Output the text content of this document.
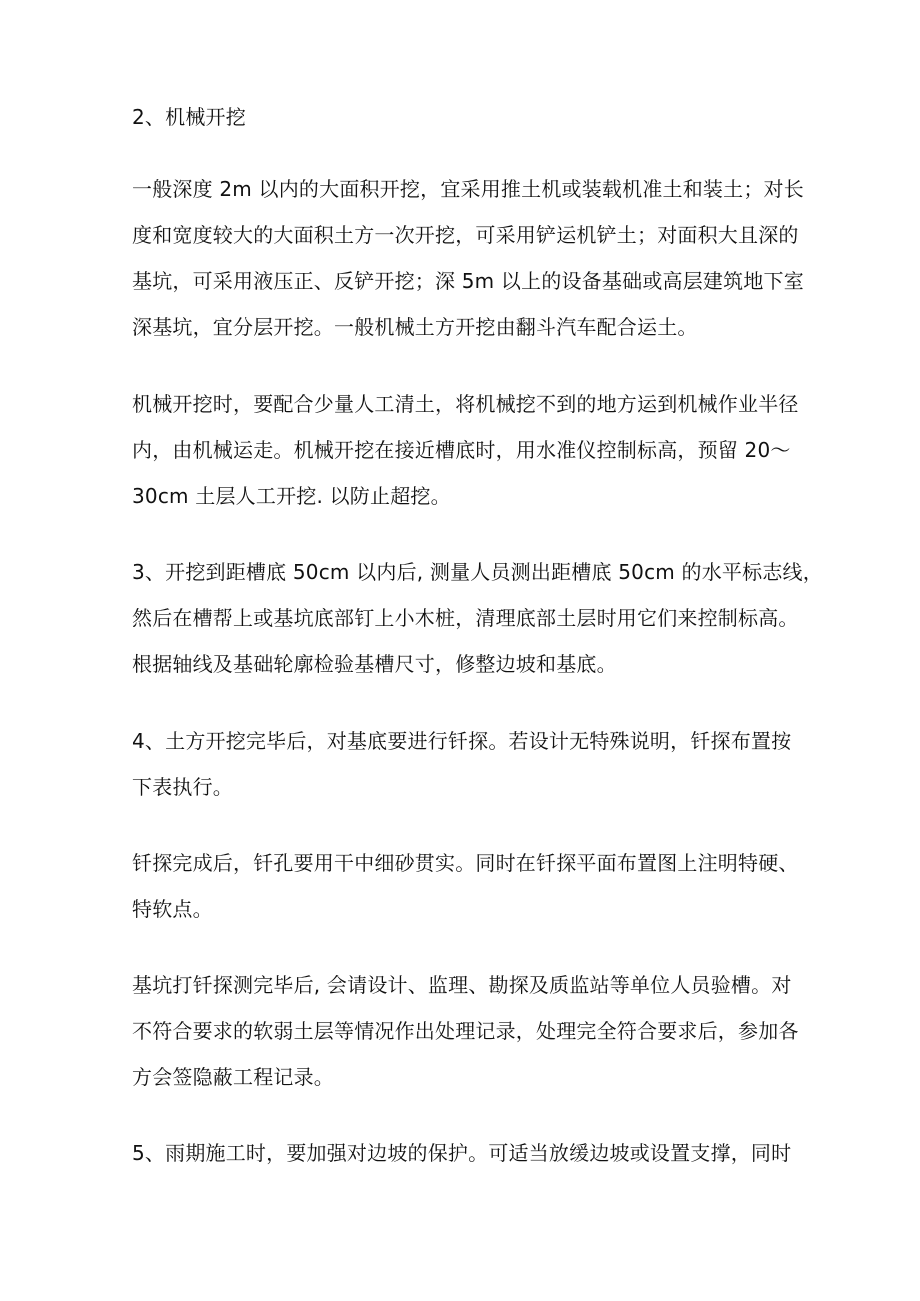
2、机械开挖
一般深度 2m 以内的大面积开挖，宜采用推土机或装载机准土和装土；对长
度和宽度较大的大面积土方一次开挖，可采用铲运机铲土；对面积大且深的
基坑，可采用液压正、反铲开挖；深 5m 以上的设备基础或高层建筑地下室
深基坑，宜分层开挖。一般机械土方开挖由翻斗汽车配合运土。
机械开挖时，要配合少量人工清土，将机械挖不到的地方运到机械作业半径
内，由机械运走。机械开挖在接近槽底时，用水准仪控制标高，预留 20～
30cm 土层人工开挖. 以防止超挖。
3、开挖到距槽底 50cm 以内后, 测量人员测出距槽底 50cm 的水平标志线，
然后在槽帮上或基坑底部钉上小木桩，清理底部土层时用它们来控制标高。
根据轴线及基础轮廓检验基槽尺寸，修整边坡和基底。
4、土方开挖完毕后，对基底要进行钎探。若设计无特殊说明，钎探布置按
下表执行。
钎探完成后，钎孔要用干中细砂贯实。同时在钎探平面布置图上注明特硬、
特软点。
基坑打钎探测完毕后, 会请设计、监理、勘探及质监站等单位人员验槽。对
不符合要求的软弱土层等情况作出处理记录，处理完全符合要求后，参加各
方会签隐蔽工程记录。
5、雨期施工时，要加强对边坡的保护。可适当放缓边坡或设置支撑，同时
